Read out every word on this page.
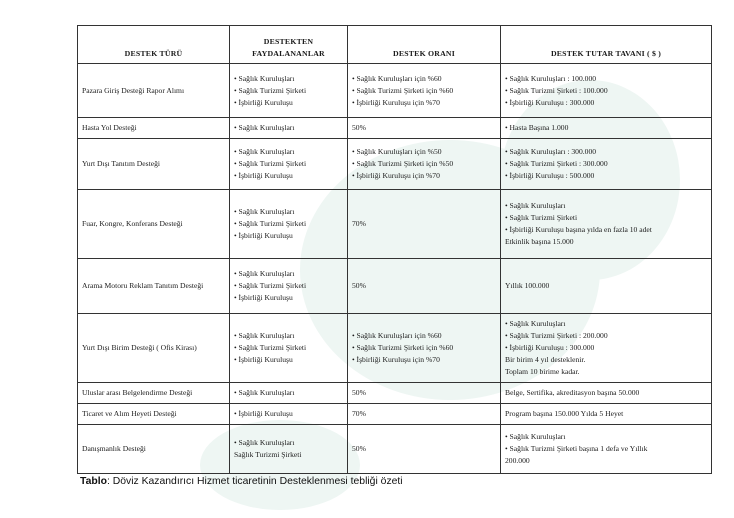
DESTEK TÜRÜ	DESTEKTEN FAYDALANANLAR	DESTEK ORANI	DESTEK TUTAR TAVANI ( $ )

Pazara Giriş Desteği Rapor Alımı	• Sağlık Kuruluşları
• Sağlık Turizmi Şirketi
• İşbirliği Kuruluşu	• Sağlık Kuruluşları için %60
• Sağlık Turizmi Şirketi için %60
• İşbirliği Kuruluşu için %70	• Sağlık Kuruluşları : 100.000
• Sağlık Turizmi Şirketi : 100.000
• İşbirliği Kuruluşu : 300.000

Hasta Yol Desteği	• Sağlık Kuruluşları	50%	• Hasta Başına 1.000

Yurt Dışı Tanıtım Desteği	• Sağlık Kuruluşları
• Sağlık Turizmi Şirketi
• İşbirliği Kuruluşu	• Sağlık Kuruluşları için %50
• Sağlık Turizmi Şirketi için %50
• İşbirliği Kuruluşu için %70	• Sağlık Kuruluşları : 300.000
• Sağlık Turizmi Şirketi : 300.000
• İşbirliği Kuruluşu : 500.000

Fuar, Kongre, Konferans Desteği	• Sağlık Kuruluşları
• Sağlık Turizmi Şirketi
• İşbirliği Kuruluşu	70%	• Sağlık Kuruluşları
• Sağlık Turizmi Şirketi
• İşbirliği Kuruluşu başına yılda en fazla 10 adet
Etkinlik başına 15.000

Arama Motoru Reklam Tanıtım Desteği	• Sağlık Kuruluşları
• Sağlık Turizmi Şirketi
• İşbirliği Kuruluşu	50%	Yıllık 100.000

Yurt Dışı Birim Desteği ( Ofis Kirası)	• Sağlık Kuruluşları
• Sağlık Turizmi Şirketi
• İşbirliği Kuruluşu	• Sağlık Kuruluşları için %60
• Sağlık Turizmi Şirketi için %60
• İşbirliği Kuruluşu için %70	• Sağlık Kuruluşları
• Sağlık Turizmi Şirketi : 200.000
• İşbirliği Kuruluşu : 300.000
Bir birim 4 yıl desteklenir.
Toplam 10 birime kadar.

Uluslar arası Belgelendirme Desteği	• Sağlık Kuruluşları	50%	Belge, Sertifika, akreditasyon başına 50.000

Ticaret ve Alım Heyeti Desteği	• İşbirliği Kuruluşu	70%	Program başına 150.000 Yılda 5 Heyet

Danışmanlık Desteği	• Sağlık Kuruluşları
Sağlık Turizmi Şirketi	50%	• Sağlık Kuruluşları
• Sağlık Turizmi Şirketi başına 1 defa ve Yıllık
200.000
Tablo: Döviz Kazandırıcı Hizmet ticaretinin Desteklenmesi tebliği özeti
